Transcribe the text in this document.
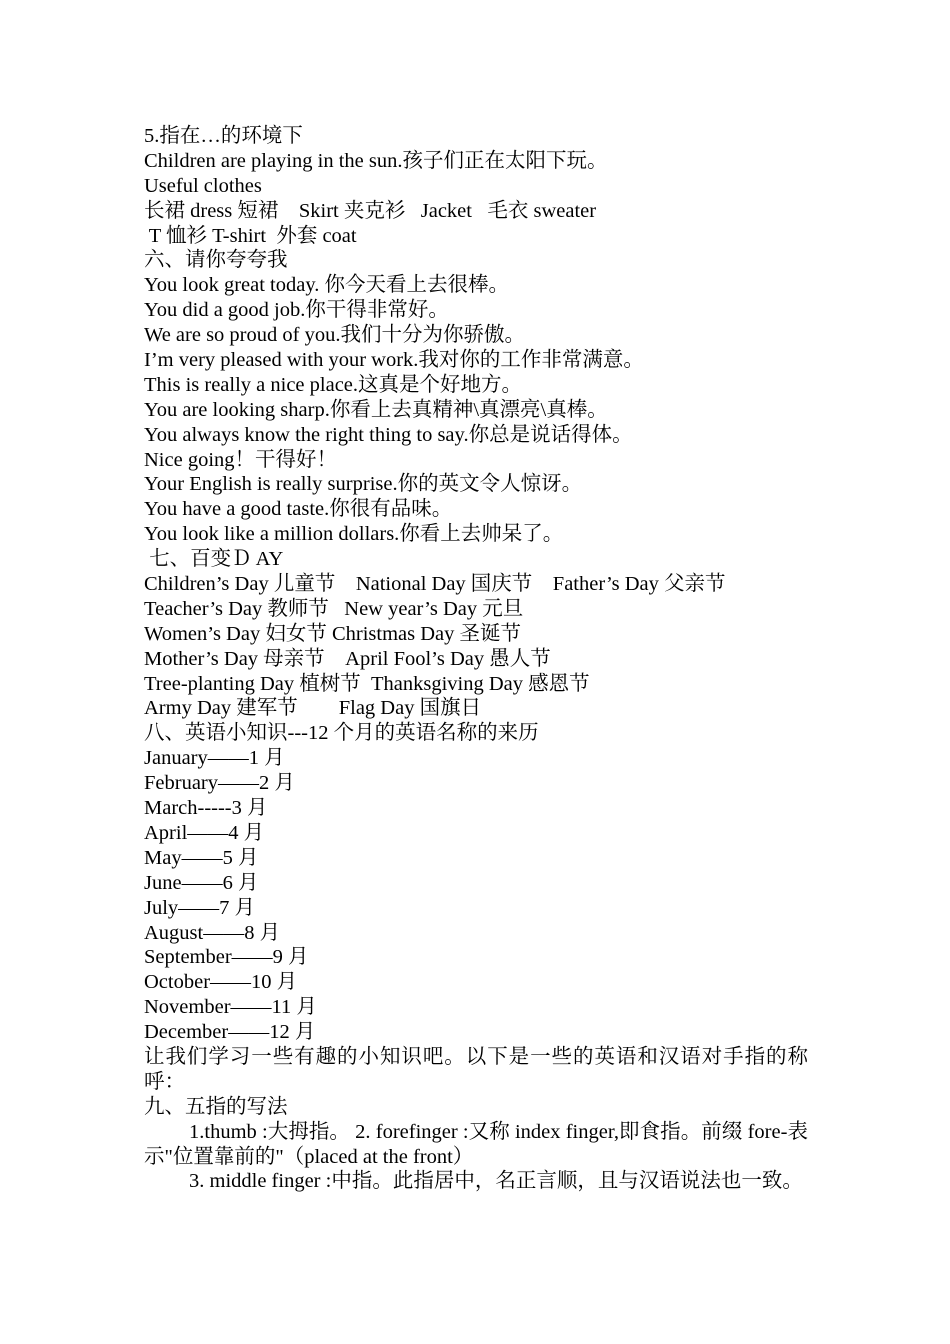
5.指在…的环境下
Children are playing in the sun.孩子们正在太阳下玩。
Useful clothes
长裙 dress 短裙    Skirt 夹克衫   Jacket   毛衣 sweater
T 恤衫 T-shirt  外套 coat
六、请你夸夸我
You look great today. 你今天看上去很棒。
You did a good job.你干得非常好。
We are so proud of you.我们十分为你骄傲。
I’m very pleased with your work.我对你的工作非常满意。
This is really a nice place.这真是个好地方。
You are looking sharp.你看上去真精神\真漂亮\真棒。
You always know the right thing to say.你总是说话得体。
Nice going！干得好！
Your English is really surprise.你的英文令人惊讶。
You have a good taste.你很有品味。
You look like a million dollars.你看上去帅呆了。
七、百变Ｄ AY
Children’s Day 儿童节    National Day 国庆节    Father’s Day 父亲节
Teacher’s Day 教师节   New year’s Day 元旦
Women’s Day 妇女节 Christmas Day 圣诞节
Mother’s Day 母亲节    April Fool’s Day 愚人节
Tree-planting Day 植树节  Thanksgiving Day 感恩节
Army Day 建军节        Flag Day 国旗日
八、英语小知识---12 个月的英语名称的来历
January——1 月
February——2 月
March-----3 月
April——4 月
May——5 月
June——6 月
July——7 月
August——8 月
September——9 月
October——10 月
November——11 月
December——12 月
让我们学习一些有趣的小知识吧。以下是一些的英语和汉语对手指的称呼：
九、五指的写法
1.thumb :大拇指。 2. forefinger :又称 index finger,即食指。前缀 fore-表示"位置靠前的"（placed at the front）
3. middle finger :中指。此指居中，名正言顺，且与汉语说法也一致。
